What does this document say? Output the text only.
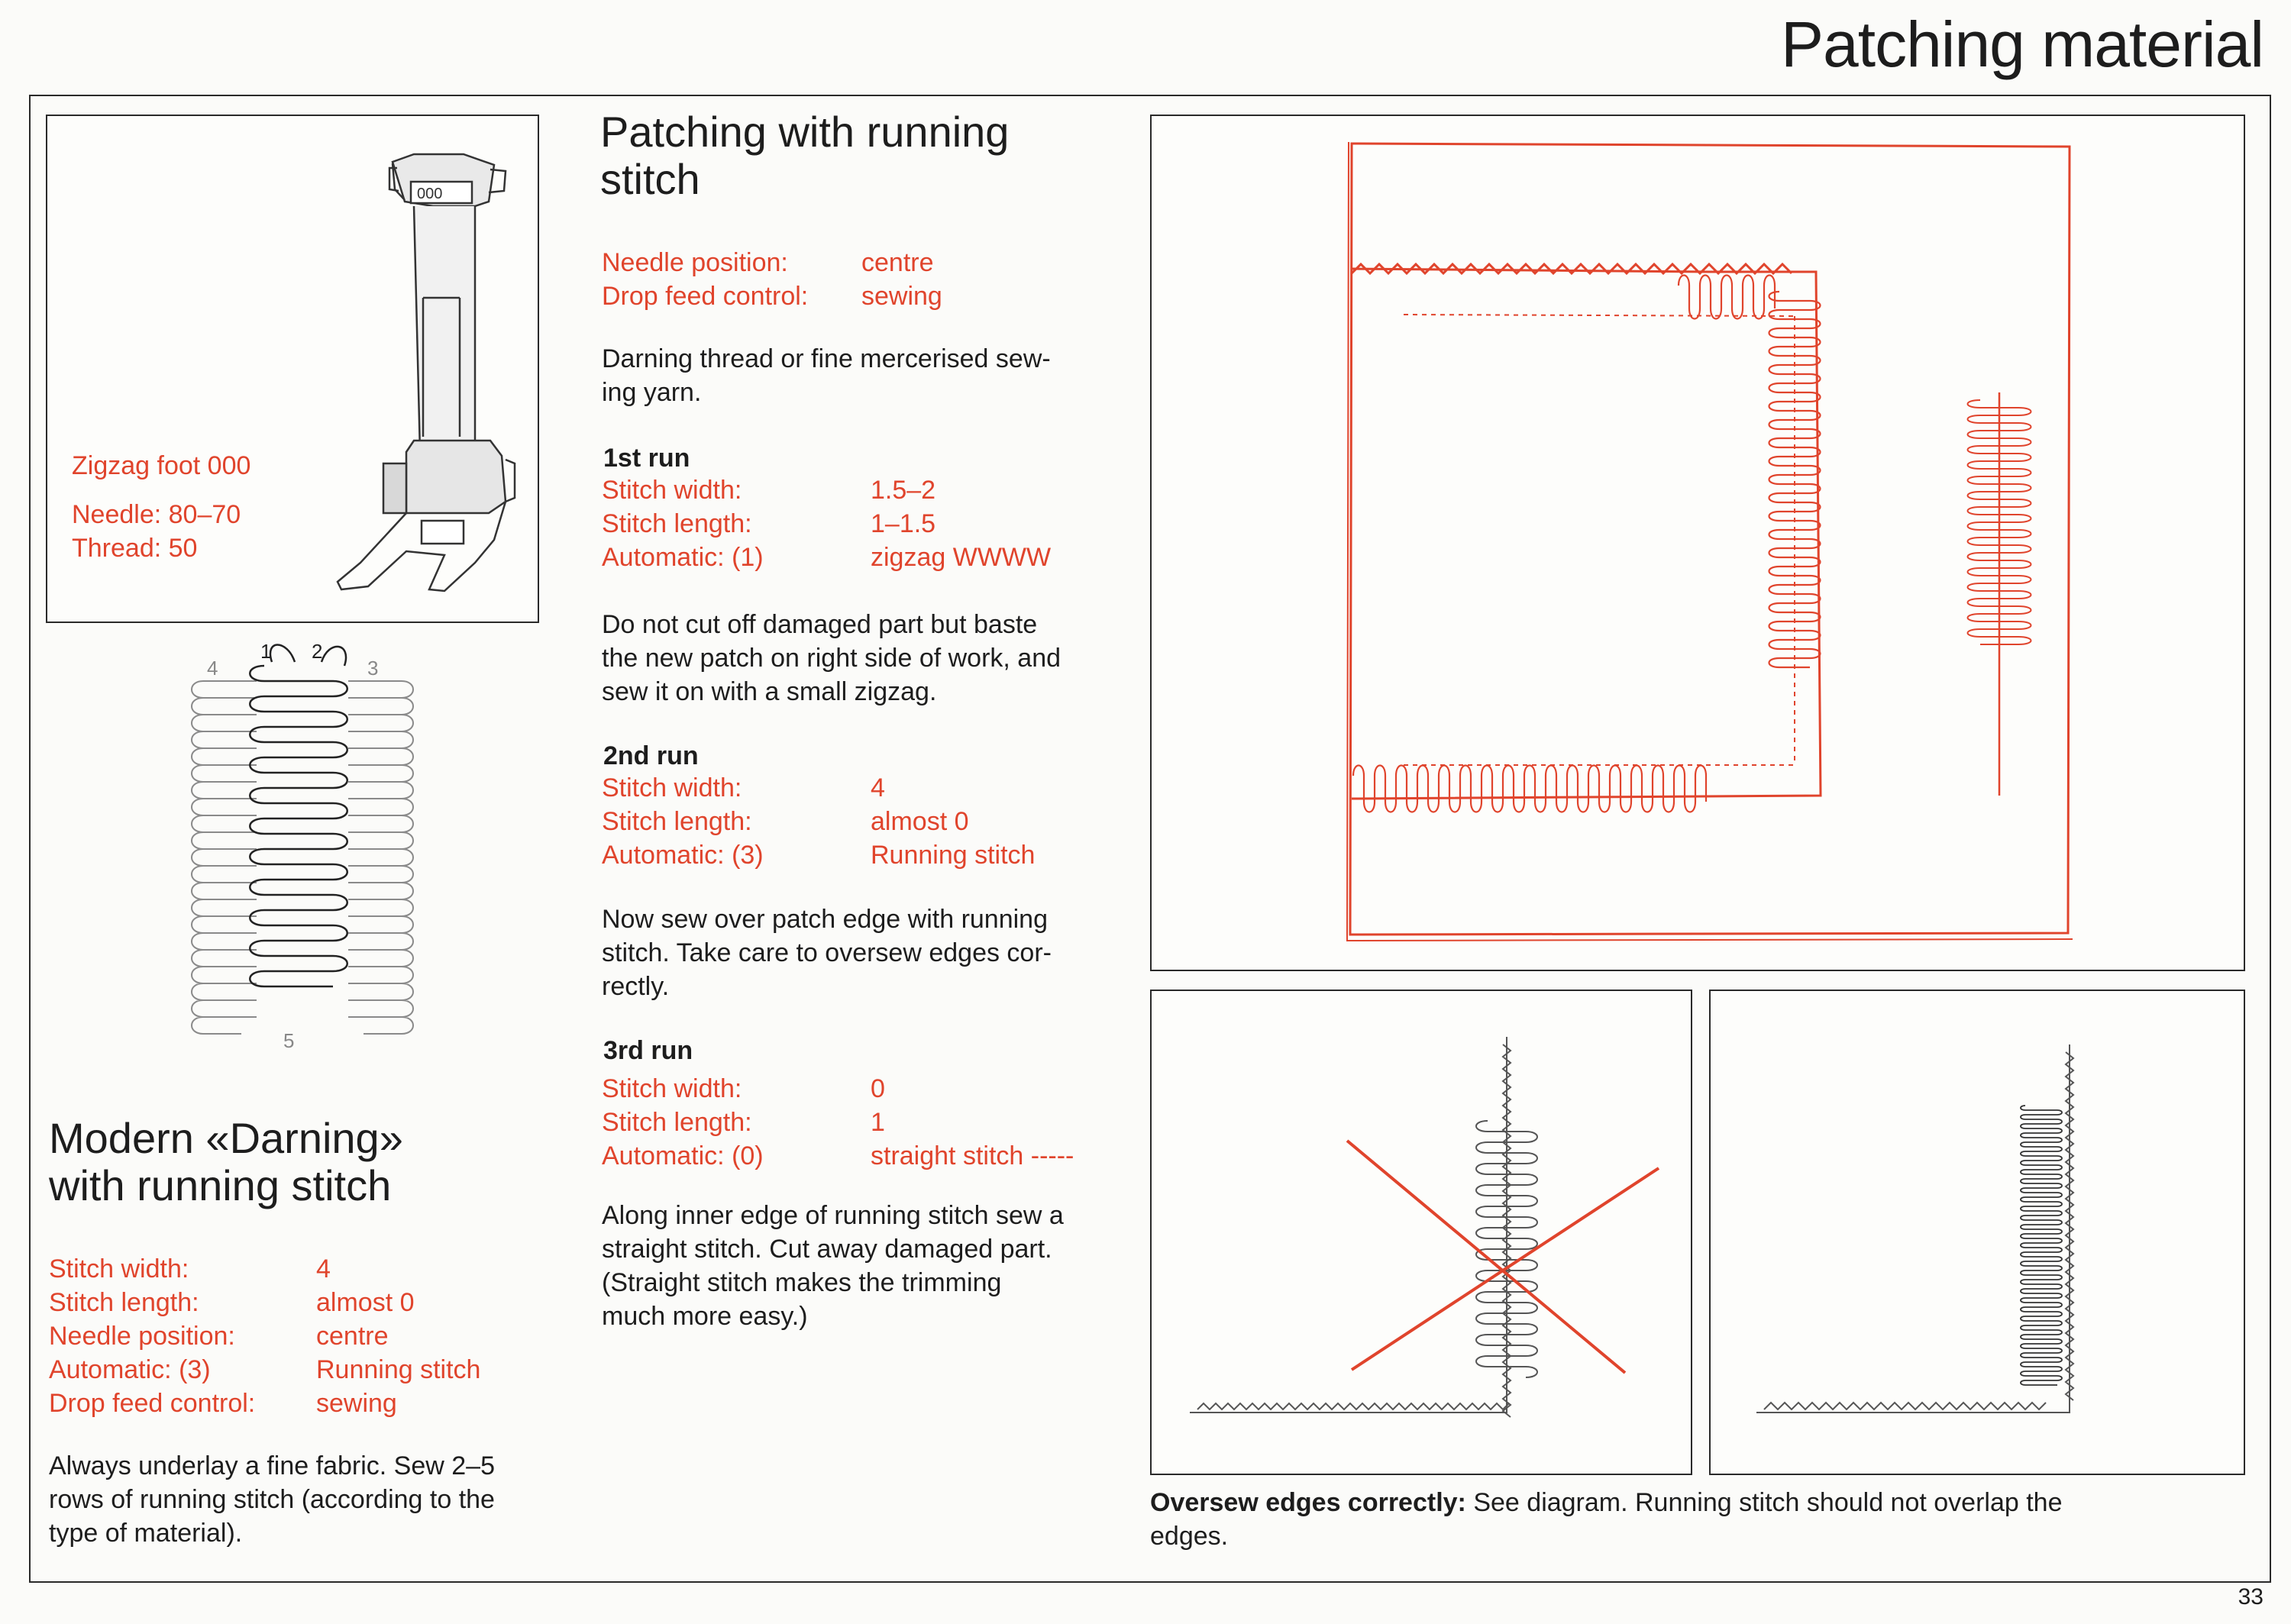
Patching material
Zigzag foot 000
Needle: 80–70
Thread: 50
000
1 2
3
4
5
Modern «Darning»
with running stitch
Stitch width:	4
Stitch length:	almost 0
Needle position:	centre
Automatic: (3)	Running stitch
Drop feed control:	sewing
Always underlay a fine fabric. Sew 2–5
rows of running stitch (according to the
type of material).
Patching with running
stitch
Needle position:	centre
Drop feed control:	sewing
Darning thread or fine mercerised sew-
ing yarn.
1st run
Stitch width:	1.5–2
Stitch length:	1–1.5
Automatic: (1)	zigzag WWWW
Do not cut off damaged part but baste
the new patch on right side of work, and
sew it on with a small zigzag.
2nd run
Stitch width:	4
Stitch length:	almost 0
Automatic: (3)	Running stitch
Now sew over patch edge with running
stitch. Take care to oversew edges cor-
rectly.
3rd run
Stitch width:	0
Stitch length:	1
Automatic: (0)	straight stitch -----
Along inner edge of running stitch sew a
straight stitch. Cut away damaged part.
(Straight stitch makes the trimming
much more easy.)
Oversew edges correctly: See diagram. Running stitch should not overlap the
edges.
33
